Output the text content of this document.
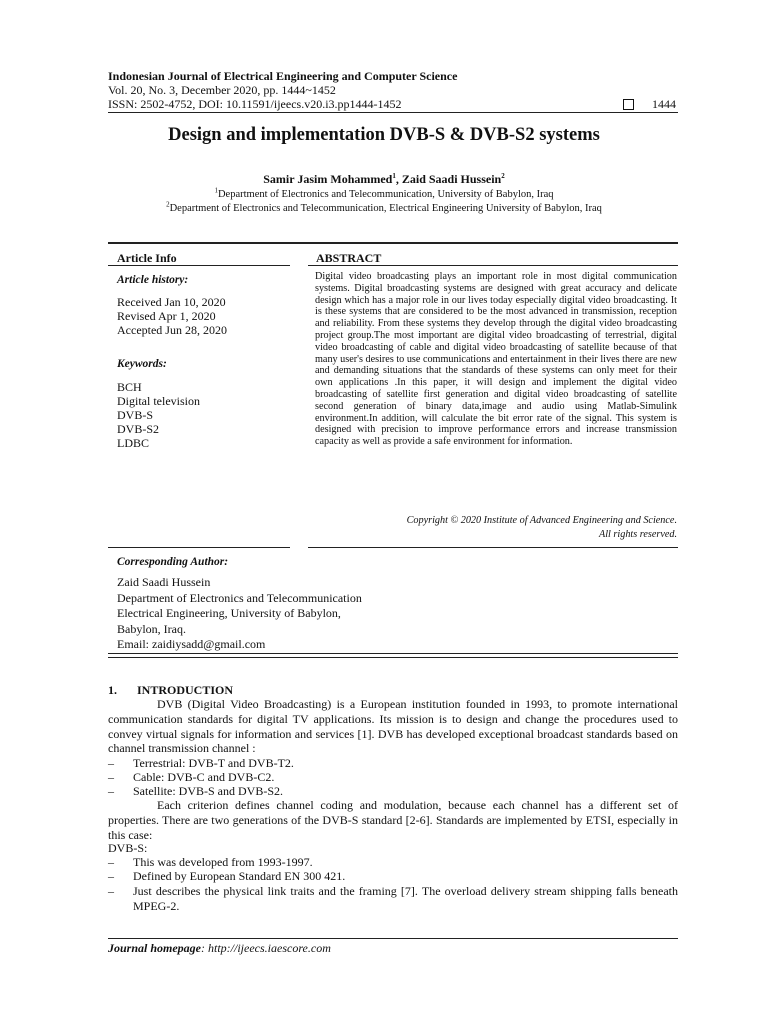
Indonesian Journal of Electrical Engineering and Computer Science
Vol. 20, No. 3, December 2020, pp. 1444~1452
ISSN: 2502-4752, DOI: 10.11591/ijeecs.v20.i3.pp1444-1452	1444
Design and implementation DVB-S & DVB-S2 systems
Samir Jasim Mohammed$^1$, Zaid Saadi Hussein$^2$
$^1$Department of Electronics and Telecommunication, University of Babylon, Iraq
$^2$Department of Electronics and Telecommunication, Electrical Engineering University of Babylon, Iraq
Article Info	ABSTRACT
Article history:
Received Jan 10, 2020
Revised Apr 1, 2020
Accepted Jun 28, 2020
Keywords:
BCH
Digital television
DVB-S
DVB-S2
LDBC
Digital video broadcasting plays an important role in most digital communication systems. Digital broadcasting systems are designed with great accuracy and delicate design which has a major role in our lives today especially digital video broadcasting. It is these systems that are considered to be the most advanced in transmission, reception and reliability. From these systems they develop through the digital video broadcasting project group.The most important are digital video broadcasting of terrestrial, digital video broadcasting of cable and digital video broadcasting of satellite because of that many user's desires to use communications and entertainment in their lives there are new and demanding situations that the standards of these systems can only meet for their own applications .In this paper, it will design and implement the digital video broadcasting of satellite first generation and digital video broadcasting of satellite second generation of binary data,image and audio using Matlab-Simulink environment.In addition, will calculate the bit error rate of the signal. This system is designed with precision to improve performance errors and increase transmission capacity as well as provide a safe environment for information.
Copyright © 2020 Institute of Advanced Engineering and Science.
All rights reserved.
Corresponding Author:
Zaid Saadi Hussein
Department of Electronics and Telecommunication
Electrical Engineering, University of Babylon,
Babylon, Iraq.
Email: zaidiysadd@gmail.com
1. INTRODUCTION
DVB (Digital Video Broadcasting) is a European institution founded in 1993, to promote international communication standards for digital TV applications. Its mission is to design and change the procedures used to convey virtual signals for information and services [1]. DVB has developed exceptional broadcast standards based on channel transmission channel :
– Terrestrial: DVB-T and DVB-T2.
– Cable: DVB-C and DVB-C2.
– Satellite: DVB-S and DVB-S2.
Each criterion defines channel coding and modulation, because each channel has a different set of properties. There are two generations of the DVB-S standard [2-6]. Standards are implemented by ETSI, especially in this case:
DVB-S:
– This was developed from 1993-1997.
– Defined by European Standard EN 300 421.
– Just describes the physical link traits and the framing [7]. The overload delivery stream shipping falls beneath MPEG-2.
Journal homepage: http://ijeecs.iaescore.com
